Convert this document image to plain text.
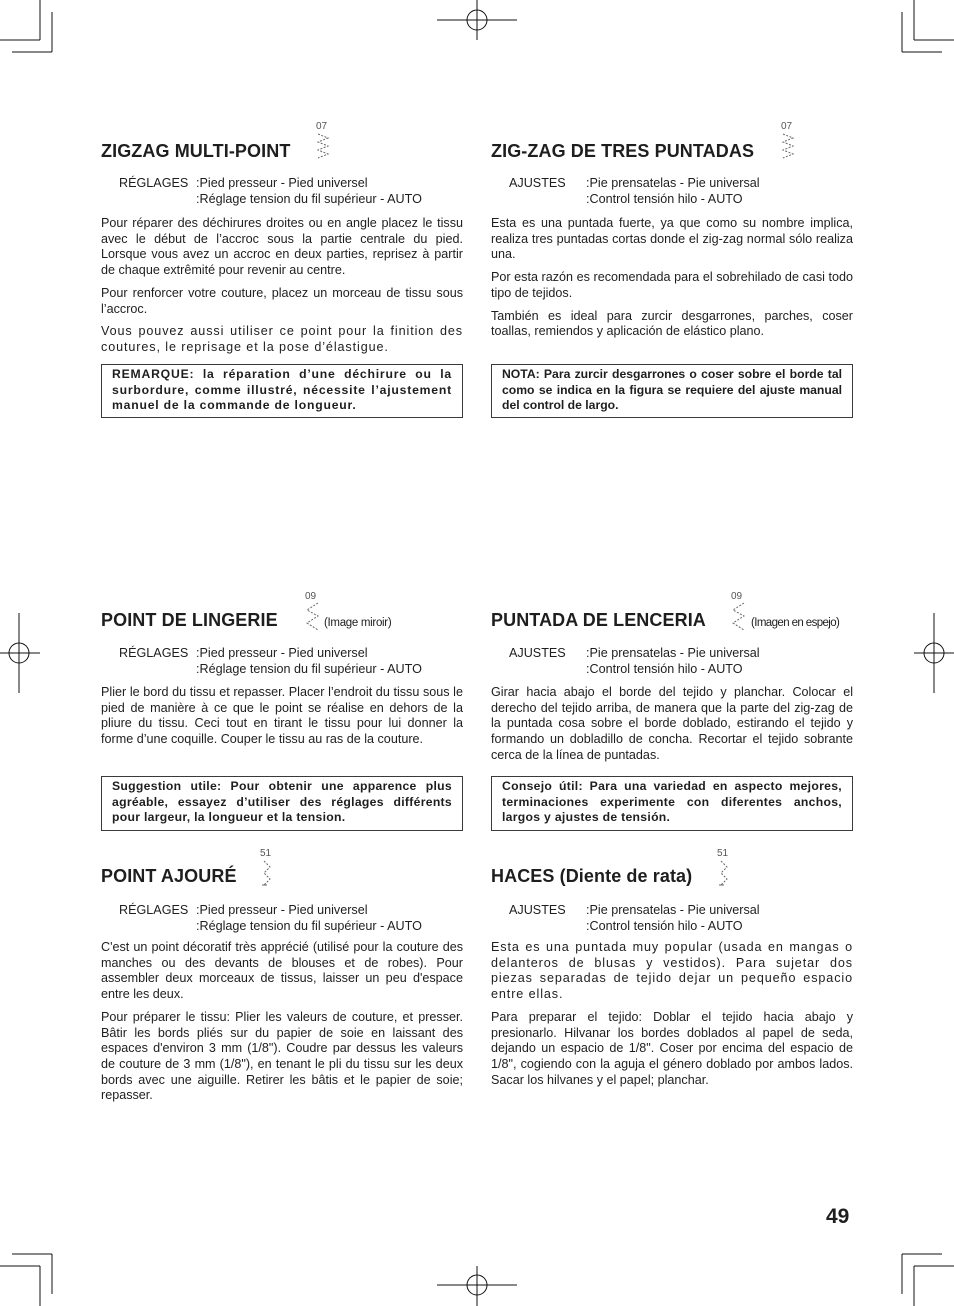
ZIGZAG MULTI-POINT
07
RÉGLAGES :Pied presseur - Pied universel
:Réglage tension du fil supérieur - AUTO

Pour réparer des déchirures droites ou en angle placez le tissu avec le début de l’accroc sous la partie centrale du pied. Lorsque vous avez un accroc en deux parties, reprisez à partir de chaque extrêmité pour revenir au centre.

Pour renforcer votre couture, placez un morceau de tissu sous l’accroc.

Vous pouvez aussi utiliser ce point pour la finition des coutures, le reprisage et la pose d’élastigue.

REMARQUE: la réparation d’une déchirure ou la surbordure, comme illustré, nécessite l’ajustement manuel de la commande de longueur.
ZIG-ZAG DE TRES PUNTADAS
07
AJUSTES :Pie prensatelas - Pie universal
:Control tensión hilo - AUTO

Esta es una puntada fuerte, ya que como su nombre implica, realiza tres puntadas cortas donde el zig-zag normal sólo realiza una.

Por esta razón es recomendada para el sobrehilado de casi todo tipo de tejidos.

También es ideal para zurcir desgarrones, parches, coser toallas, remiendos y aplicación de elástico plano.

NOTA: Para zurcir desgarrones o coser sobre el borde tal como se indica en la figura se requiere del ajuste manual del control de largo.
POINT DE LINGERIE
09
(Image miroir)
RÉGLAGES :Pied presseur - Pied universel
:Réglage tension du fil supérieur - AUTO

Plier le bord du tissu et repasser. Placer l’endroit du tissu sous le pied de manière à ce que le point se réalise en dehors de la pliure du tissu. Ceci tout en tirant le tissu pour lui donner la forme d’une coquille. Couper le tissu au ras de la couture.

Suggestion utile: Pour obtenir une apparence plus agréable, essayez d’utiliser des réglages différents pour largeur, la longueur et la tension.
PUNTADA DE LENCERIA
09
(Imagen en espejo)
AJUSTES :Pie prensatelas - Pie universal
:Control tensión hilo - AUTO

Girar hacia abajo el borde del tejido y planchar. Colocar el derecho del tejido arriba, de manera que la parte del zig-zag de la puntada cosa sobre el borde doblado, estirando el tejido y formando un dobladillo de concha. Recortar el tejido sobrante cerca de la línea de puntadas.

Consejo útil: Para una variedad en aspecto mejores, terminaciones experimente con diferentes anchos, largos y ajustes de tensión.
POINT AJOURÉ
51
RÉGLAGES :Pied presseur - Pied universel
:Réglage tension du fil supérieur - AUTO

C'est un point décoratif très apprécié (utilisé pour la couture des manches ou des devants de blouses et de robes). Pour assembler deux morceaux de tissus, laisser un peu d'espace entre les deux.

Pour préparer le tissu: Plier les valeurs de couture, et presser. Bâtir les bords pliés sur du papier de soie en laissant des espaces d'environ 3 mm (1/8"). Coudre par dessus les valeurs de couture de 3 mm (1/8"), en tenant le pli du tissu sur les deux bords avec une aiguille. Retirer les bâtis et le papier de soie; repasser.

HACES (Diente de rata)
51
AJUSTES :Pie prensatelas - Pie universal
:Control tensión hilo - AUTO

Esta es una puntada muy popular (usada en mangas o delanteros de blusas y vestidos). Para sujetar dos piezas separadas de tejido dejar un pequeño espacio entre ellas.

Para preparar el tejido: Doblar el tejido hacia abajo y presionarlo. Hilvanar los bordes doblados al papel de seda, dejando un espacio de 1/8". Coser por encima del espacio de 1/8", cogiendo con la aguja el género doblado por ambos lados. Sacar los hilvanes y el papel; planchar.

49
